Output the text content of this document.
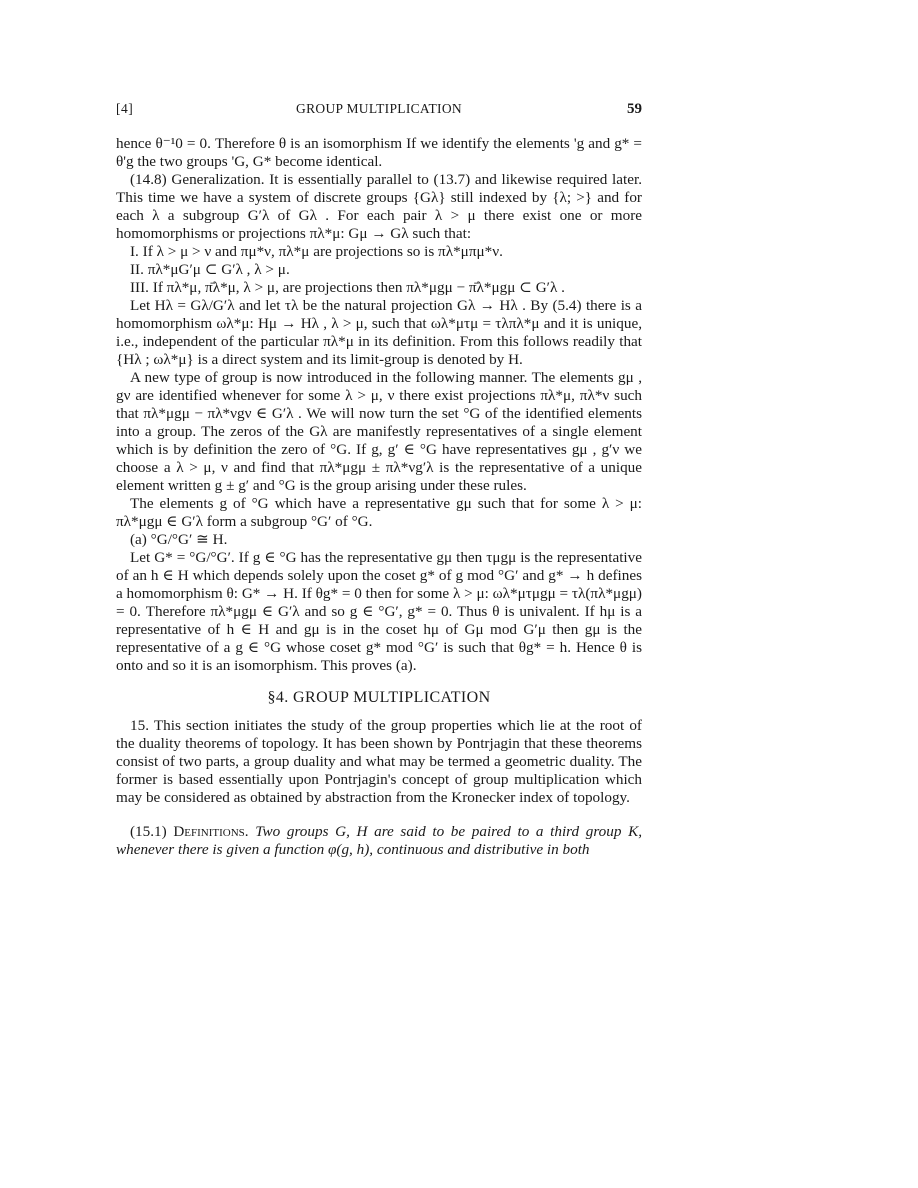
[4]	GROUP MULTIPLICATION	59

hence θ⁻¹0 = 0. Therefore θ is an isomorphism If we identify the elements 'g and g* = θ'g the two groups 'G, G* become identical.

(14.8) Generalization. It is essentially parallel to (13.7) and likewise required later. This time we have a system of discrete groups {Gλ} still indexed by {λ; >} and for each λ a subgroup G′λ of Gλ . For each pair λ > μ there exist one or more homomorphisms or projections πλ*μ: Gμ → Gλ such that:

I. If λ > μ > ν and πμ*ν, πλ*μ are projections so is πλ*μπμ*ν.

II. πλ*μG′μ ⊂ G′λ , λ > μ.

III. If πλ*μ, π̄λ*μ, λ > μ, are projections then πλ*μgμ − π̄λ*μgμ ⊂ G′λ .

Let Hλ = Gλ/G′λ and let τλ be the natural projection Gλ → Hλ . By (5.4) there is a homomorphism ωλ*μ: Hμ → Hλ , λ > μ, such that ωλ*μτμ = τλπλ*μ and it is unique, i.e., independent of the particular πλ*μ in its definition. From this follows readily that {Hλ ; ωλ*μ} is a direct system and its limit-group is denoted by H.

A new type of group is now introduced in the following manner. The elements gμ , gν are identified whenever for some λ > μ, ν there exist projections πλ*μ, πλ*ν such that πλ*μgμ − πλ*νgν ∈ G′λ . We will now turn the set °G of the identified elements into a group. The zeros of the Gλ are manifestly representatives of a single element which is by definition the zero of °G. If g, g′ ∈ °G have representatives gμ , g′ν we choose a λ > μ, ν and find that πλ*μgμ ± πλ*νg′λ is the representative of a unique element written g ± g′ and °G is the group arising under these rules.

The elements g of °G which have a representative gμ such that for some λ > μ: πλ*μgμ ∈ G′λ form a subgroup °G′ of °G.

(a) °G/°G′ ≅ H.

Let G* = °G/°G′. If g ∈ °G has the representative gμ then τμgμ is the representative of an h ∈ H which depends solely upon the coset g* of g mod °G′ and g* → h defines a homomorphism θ: G* → H. If θg* = 0 then for some λ > μ: ωλ*μτμgμ = τλ(πλ*μgμ) = 0. Therefore πλ*μgμ ∈ G′λ and so g ∈ °G′, g* = 0. Thus θ is univalent. If hμ is a representative of h ∈ H and gμ is in the coset hμ of Gμ mod G′μ then gμ is the representative of a g ∈ °G whose coset g* mod °G′ is such that θg* = h. Hence θ is onto and so it is an isomorphism. This proves (a).

§4. GROUP MULTIPLICATION

15. This section initiates the study of the group properties which lie at the root of the duality theorems of topology. It has been shown by Pontrjagin that these theorems consist of two parts, a group duality and what may be termed a geometric duality. The former is based essentially upon Pontrjagin's concept of group multiplication which may be considered as obtained by abstraction from the Kronecker index of topology.

(15.1) Definitions. Two groups G, H are said to be paired to a third group K, whenever there is given a function φ(g, h), continuous and distributive in both
